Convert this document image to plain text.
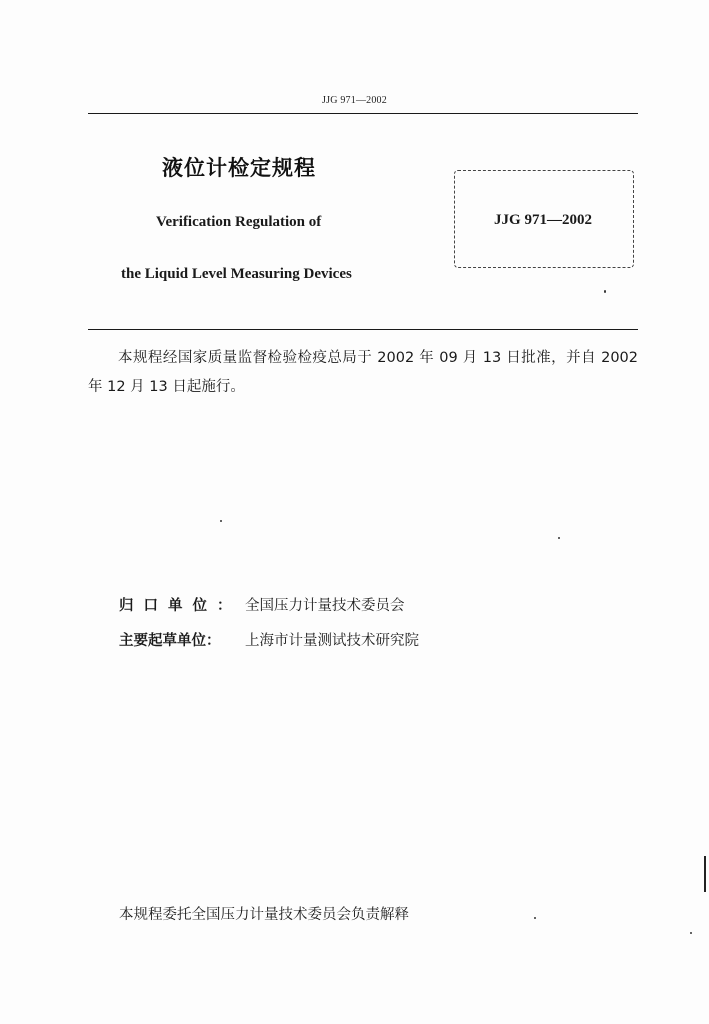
JJG 971—2002
液位计检定规程
Verification Regulation of
the Liquid Level Measuring Devices
JJG 971—2002
本规程经国家质量监督检验检疫总局于 2002 年 09 月 13 日批准，并自 2002 年 12 月 13 日起施行。
归口单位： 全国压力计量技术委员会
主要起草单位： 上海市计量测试技术研究院
本规程委托全国压力计量技术委员会负责解释
